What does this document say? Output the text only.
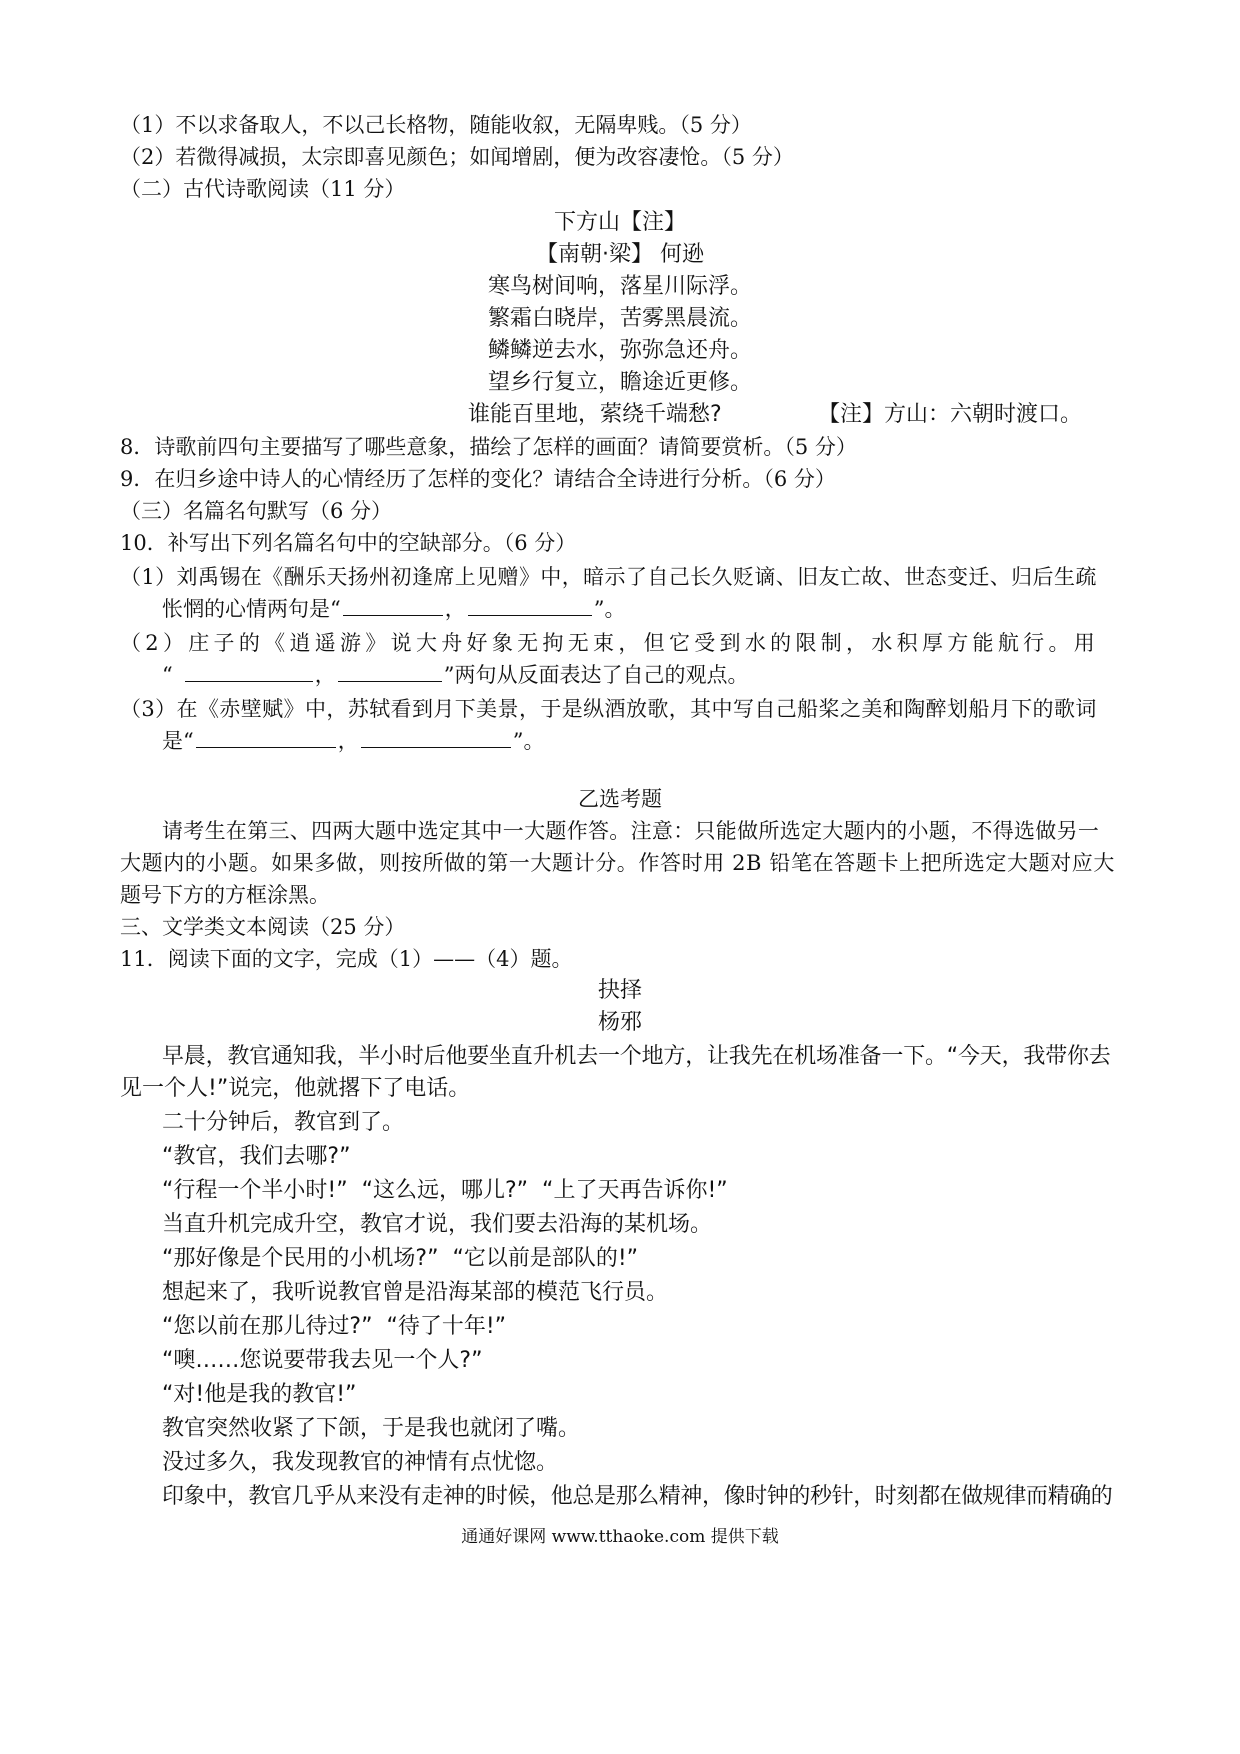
（1）不以求备取人，不以己长格物，随能收叙，无隔卑贱。（5 分）
（2）若微得减损，太宗即喜见颜色；如闻增剧，便为改容凄怆。（5 分）
（二）古代诗歌阅读（11 分）
下方山【注】
【南朝·梁】 何逊
寒鸟树间响，落星川际浮。
繁霜白晓岸，苦雾黑晨流。
鳞鳞逆去水，弥弥急还舟。
望乡行复立，瞻途近更修。
谁能百里地，萦绕千端愁?	【注】方山：六朝时渡口。
8．诗歌前四句主要描写了哪些意象，描绘了怎样的画面？请简要赏析。（5 分）
9．在归乡途中诗人的心情经历了怎样的变化？请结合全诗进行分析。（6 分）
（三）名篇名句默写（6 分）
10．补写出下列名篇名句中的空缺部分。（6 分）
（1）刘禹锡在《酬乐天扬州初逢席上见赠》中，暗示了自己长久贬谪、旧友亡故、世态变迁、归后生疏
怅惘的心情两句是“	，	”。
（2）庄子的《逍遥游》说大舟好象无拘无束，但它受到水的限制，水积厚方能航行。用
“	，	”两句从反面表达了自己的观点。
（3）在《赤壁赋》中，苏轼看到月下美景，于是纵酒放歌，其中写自己船桨之美和陶醉划船月下的歌词
是“	，	”。
乙选考题
请考生在第三、四两大题中选定其中一大题作答。注意：只能做所选定大题内的小题，不得选做另一
大题内的小题。如果多做，则按所做的第一大题计分。作答时用 2B 铅笔在答题卡上把所选定大题对应大
题号下方的方框涂黑。
三、文学类文本阅读（25 分）
11．阅读下面的文字，完成（1）——（4）题。
抉择
杨邪
早晨，教官通知我，半小时后他要坐直升机去一个地方，让我先在机场准备一下。“今天，我带你去
见一个人!”说完，他就撂下了电话。
二十分钟后，教官到了。
“教官，我们去哪?”
“行程一个半小时!”  “这么远，哪儿?”  “上了天再告诉你!”
当直升机完成升空，教官才说，我们要去沿海的某机场。
“那好像是个民用的小机场?”  “它以前是部队的!”
想起来了，我听说教官曾是沿海某部的模范飞行员。
“您以前在那儿待过?”  “待了十年!”
“噢……您说要带我去见一个人?”
“对!他是我的教官!”
教官突然收紧了下颌，于是我也就闭了嘴。
没过多久，我发现教官的神情有点忧惚。
印象中，教官几乎从来没有走神的时候，他总是那么精神，像时钟的秒针，时刻都在做规律而精确的
通通好课网 www.tthaoke.com 提供下载
